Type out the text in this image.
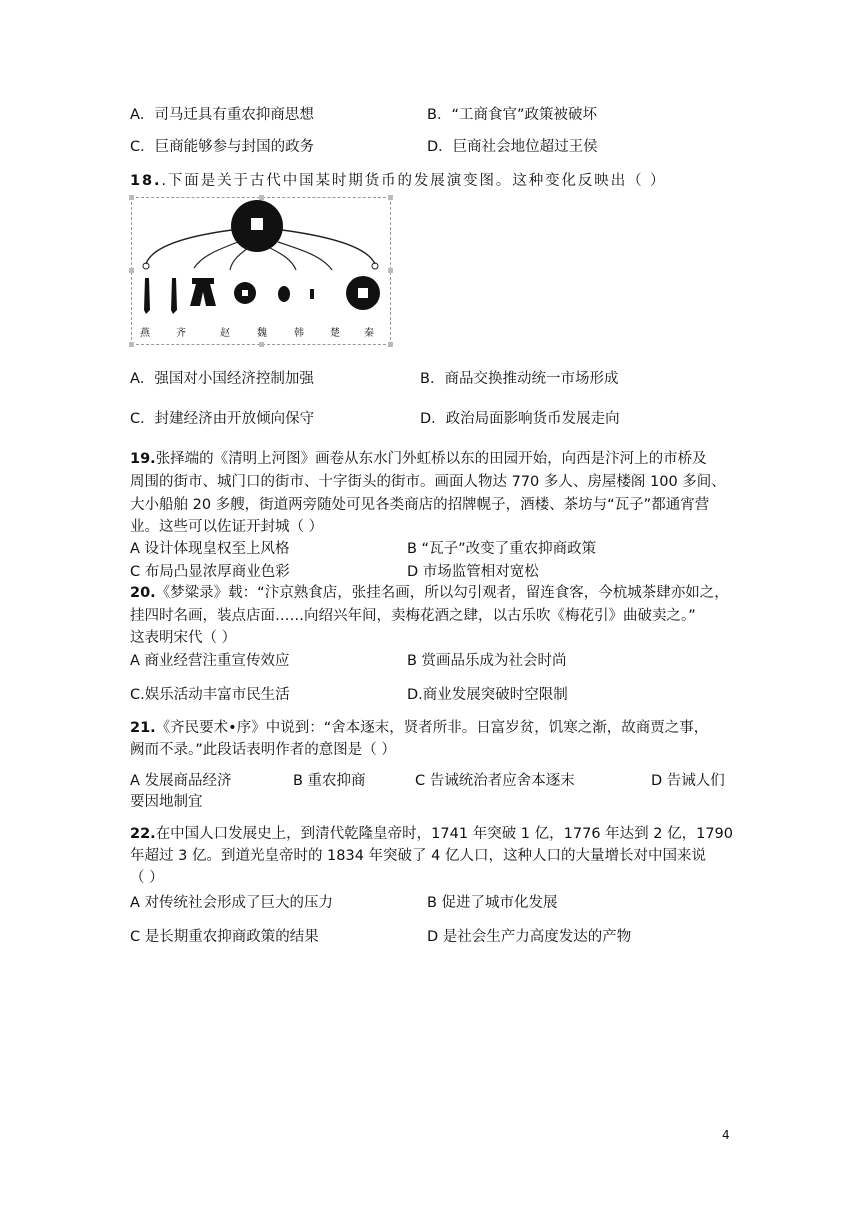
A．司马迁具有重农抑商思想	B．“工商食官”政策被破坏
C．巨商能够参与封国的政务	D．巨商社会地位超过王侯
18..下面是关于古代中国某时期货币的发展演变图。这种变化反映出（ ）
燕	齐	赵	魏	韩	楚 秦
A．强国对小国经济控制加强	B．商品交换推动统一市场形成
C．封建经济由开放倾向保守	D．政治局面影响货币发展走向
19.张择端的《清明上河图》画卷从东水门外虹桥以东的田园开始，向西是汴河上的市桥及
周围的街市、城门口的街市、十字街头的街市。画面人物达 770 多人、房屋楼阁 100 多间、
大小船舶 20 多艘，街道两旁随处可见各类商店的招牌幌子，酒楼、茶坊与“瓦子”都通宵营
业。这些可以佐证开封城（ ）
A 设计体现皇权至上风格	B “瓦子”改变了重农抑商政策
C 布局凸显浓厚商业色彩	D 市场监管相对宽松
20.《梦粱录》载：“汴京熟食店，张挂名画，所以勾引观者，留连食客，今杭城茶肆亦如之，
挂四时名画，装点店面……向绍兴年间，卖梅花酒之肆，以古乐吹《梅花引》曲破卖之。”
这表明宋代（ ）
A 商业经营注重宣传效应	B 赏画品乐成为社会时尚
C.娱乐活动丰富市民生活	D.商业发展突破时空限制
21.《齐民要术•序》中说到：“舍本逐末，贤者所非。日富岁贫，饥寒之渐，故商贾之事，
阙而不录。”此段话表明作者的意图是（ ）
A 发展商品经济	B 重农抑商	C 告诫统治者应舍本逐末	D 告诫人们
要因地制宜
22.在中国人口发展史上，到清代乾隆皇帝时，1741 年突破 1 亿，1776 年达到 2 亿，1790
年超过 3 亿。到道光皇帝时的 1834 年突破了 4 亿人口，这种人口的大量增长对中国来说
（ ）
A 对传统社会形成了巨大的压力	B 促进了城市化发展
C 是长期重农抑商政策的结果	D 是社会生产力高度发达的产物
4
